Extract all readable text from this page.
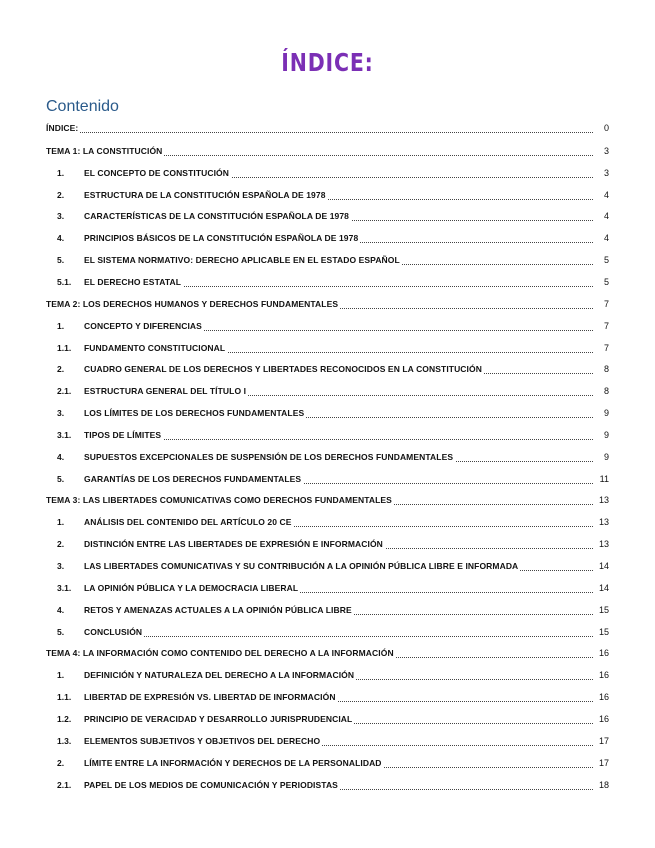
ÍNDICE:
Contenido
ÍNDICE:	0
TEMA 1: LA CONSTITUCIÓN	3
1. EL CONCEPTO DE CONSTITUCIÓN	3
2. ESTRUCTURA DE LA CONSTITUCIÓN ESPAÑOLA DE 1978	4
3. CARACTERÍSTICAS DE LA CONSTITUCIÓN ESPAÑOLA DE 1978	4
4. PRINCIPIOS BÁSICOS DE LA CONSTITUCIÓN ESPAÑOLA DE 1978	4
5. EL SISTEMA NORMATIVO: DERECHO APLICABLE EN EL ESTADO ESPAÑOL	5
5.1. EL DERECHO ESTATAL	5
TEMA 2: LOS DERECHOS HUMANOS Y DERECHOS FUNDAMENTALES	7
1. CONCEPTO Y DIFERENCIAS	7
1.1. FUNDAMENTO CONSTITUCIONAL	7
2. CUADRO GENERAL DE LOS DERECHOS Y LIBERTADES RECONOCIDOS EN LA CONSTITUCIÓN	8
2.1. ESTRUCTURA GENERAL DEL TÍTULO I	8
3. LOS LÍMITES DE LOS DERECHOS FUNDAMENTALES	9
3.1. TIPOS DE LÍMITES	9
4. SUPUESTOS EXCEPCIONALES DE SUSPENSIÓN DE LOS DERECHOS FUNDAMENTALES	9
5. GARANTÍAS DE LOS DERECHOS FUNDAMENTALES	11
TEMA 3: LAS LIBERTADES COMUNICATIVAS COMO DERECHOS FUNDAMENTALES	13
1. ANÁLISIS DEL CONTENIDO DEL ARTÍCULO 20 CE	13
2. DISTINCIÓN ENTRE LAS LIBERTADES DE EXPRESIÓN E INFORMACIÓN	13
3. LAS LIBERTADES COMUNICATIVAS Y SU CONTRIBUCIÓN A LA OPINIÓN PÚBLICA LIBRE E INFORMADA	14
3.1. LA OPINIÓN PÚBLICA Y LA DEMOCRACIA LIBERAL	14
4. RETOS Y AMENAZAS ACTUALES A LA OPINIÓN PÚBLICA LIBRE	15
5. CONCLUSIÓN	15
TEMA 4: LA INFORMACIÓN COMO CONTENIDO DEL DERECHO A LA INFORMACIÓN	16
1. DEFINICIÓN Y NATURALEZA DEL DERECHO A LA INFORMACIÓN	16
1.1. LIBERTAD DE EXPRESIÓN VS. LIBERTAD DE INFORMACIÓN	16
1.2. PRINCIPIO DE VERACIDAD Y DESARROLLO JURISPRUDENCIAL	16
1.3. ELEMENTOS SUBJETIVOS Y OBJETIVOS DEL DERECHO	17
2. LÍMITE ENTRE LA INFORMACIÓN Y DERECHOS DE LA PERSONALIDAD	17
2.1. PAPEL DE LOS MEDIOS DE COMUNICACIÓN Y PERIODISTAS	18
